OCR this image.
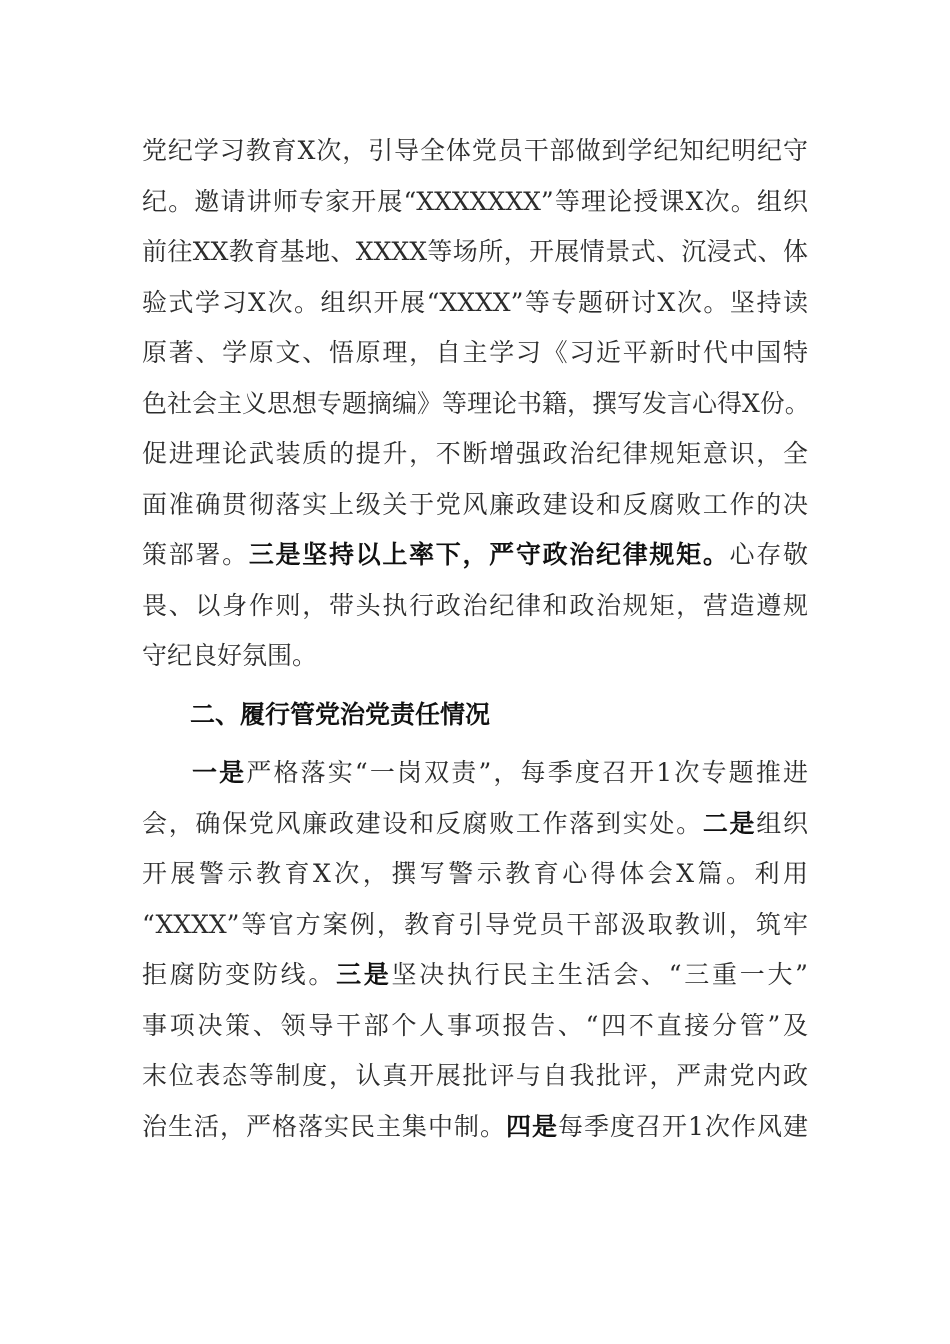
党纪学习教育X次，引导全体党员干部做到学纪知纪明纪守
纪。邀请讲师专家开展“XXXXXXX”等理论授课X次。组织
前往XX教育基地、XXXX等场所，开展情景式、沉浸式、体
验式学习X次。组织开展“XXXX”等专题研讨X次。坚持读
原著、学原文、悟原理，自主学习《习近平新时代中国特
色社会主义思想专题摘编》等理论书籍，撰写发言心得X份。
促进理论武装质的提升，不断增强政治纪律规矩意识，全
面准确贯彻落实上级关于党风廉政建设和反腐败工作的决
策部署。三是坚持以上率下，严守政治纪律规矩。心存敬
畏、以身作则，带头执行政治纪律和政治规矩，营造遵规
守纪良好氛围。
二、履行管党治党责任情况
一是严格落实“一岗双责”，每季度召开1次专题推进
会，确保党风廉政建设和反腐败工作落到实处。二是组织
开展警示教育X次，撰写警示教育心得体会X篇。利用
“XXXX”等官方案例，教育引导党员干部汲取教训，筑牢
拒腐防变防线。三是坚决执行民主生活会、“三重一大”
事项决策、领导干部个人事项报告、“四不直接分管”及
末位表态等制度，认真开展批评与自我批评，严肃党内政
治生活，严格落实民主集中制。四是每季度召开1次作风建
